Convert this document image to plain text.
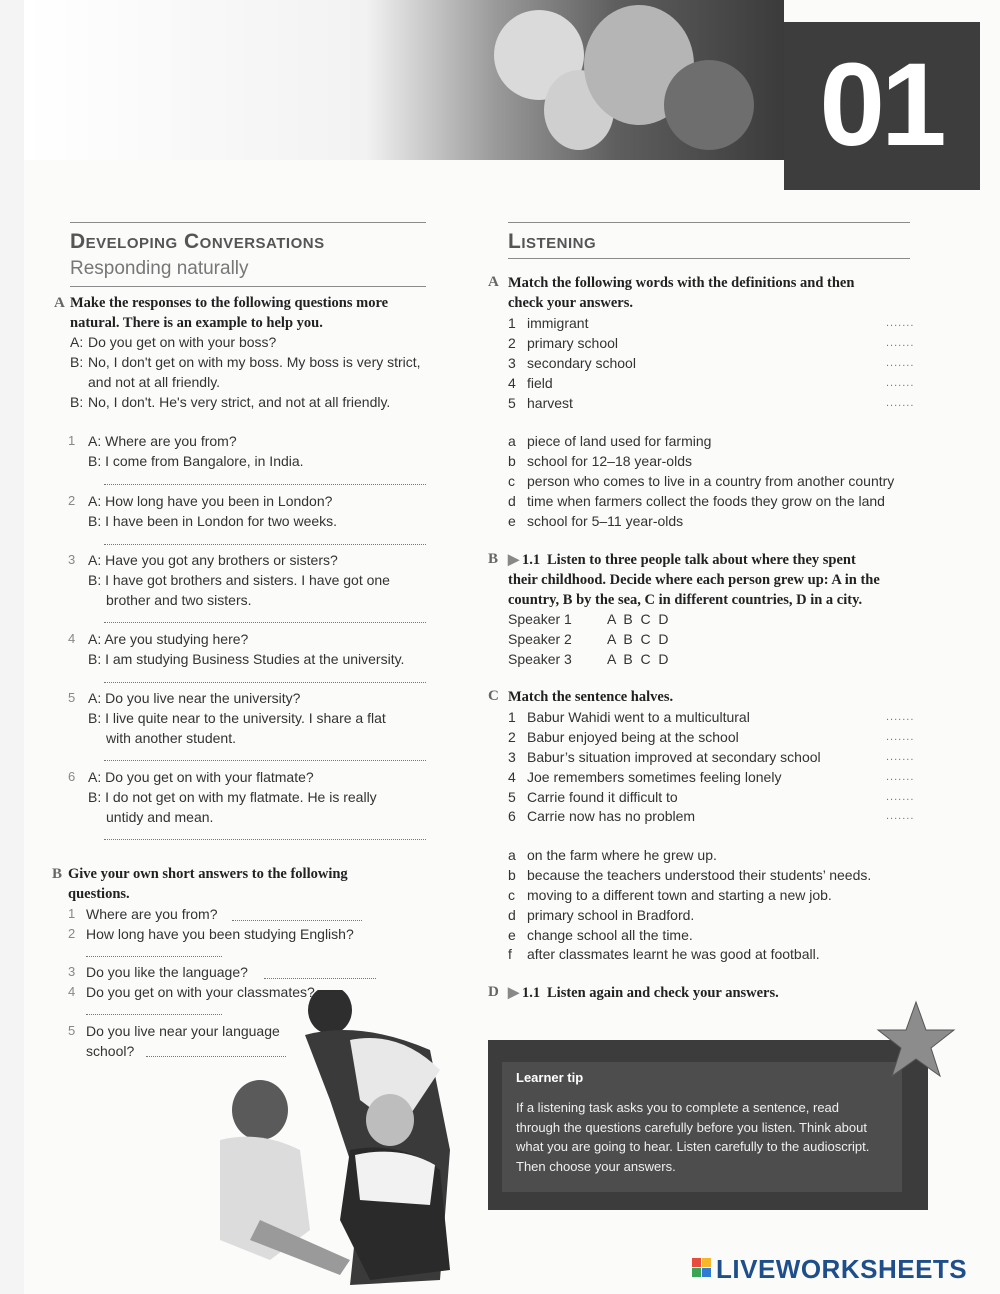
01
Developing Conversations
Responding naturally
A Make the responses to the following questions more
natural. There is an example to help you.
A: Do you get on with your boss?
B: No, I don't get on with my boss. My boss is very strict,
and not at all friendly.
B: No, I don't. He's very strict, and not at all friendly.
1 A: Where are you from?
B: I come from Bangalore, in India.
2 A: How long have you been in London?
B: I have been in London for two weeks.
3 A: Have you got any brothers or sisters?
B: I have got brothers and sisters. I have got one
brother and two sisters.
4 A: Are you studying here?
B: I am studying Business Studies at the university.
5 A: Do you live near the university?
B: I live quite near to the university. I share a flat
with another student.
6 A: Do you get on with your flatmate?
B: I do not get on with my flatmate. He is really
untidy and mean.
B Give your own short answers to the following
questions.
1 Where are you from?
2 How long have you been studying English?
3 Do you like the language?
4 Do you get on with your classmates?
5 Do you live near your language
school?
Listening
A Match the following words with the definitions and then
check your answers.
1 immigrant	.......
2 primary school	.......
3 secondary school	.......
4 field	.......
5 harvest	.......
a piece of land used for farming
b school for 12–18 year-olds
c person who comes to live in a country from another country
d time when farmers collect the foods they grow on the land
e school for 5–11 year-olds
B ▶ 1.1 Listen to three people talk about where they spent
their childhood. Decide where each person grew up: A in the
country, B by the sea, C in different countries, D in a city.
Speaker 1	A  B  C  D
Speaker 2	A  B  C  D
Speaker 3	A  B  C  D
C Match the sentence halves.
1 Babur Wahidi went to a multicultural	.......
2 Babur enjoyed being at the school	.......
3 Babur’s situation improved at secondary school	.......
4 Joe remembers sometimes feeling lonely	.......
5 Carrie found it difficult to	.......
6 Carrie now has no problem	.......
a on the farm where he grew up.
b because the teachers understood their students’ needs.
c moving to a different town and starting a new job.
d primary school in Bradford.
e change school all the time.
f after classmates learnt he was good at football.
D ▶ 1.1 Listen again and check your answers.
Learner tip
If a listening task asks you to complete a sentence, read through the questions carefully before you listen. Think about what you are going to hear. Listen carefully to the audioscript. Then choose your answers.
LIVEWORKSHEETS
